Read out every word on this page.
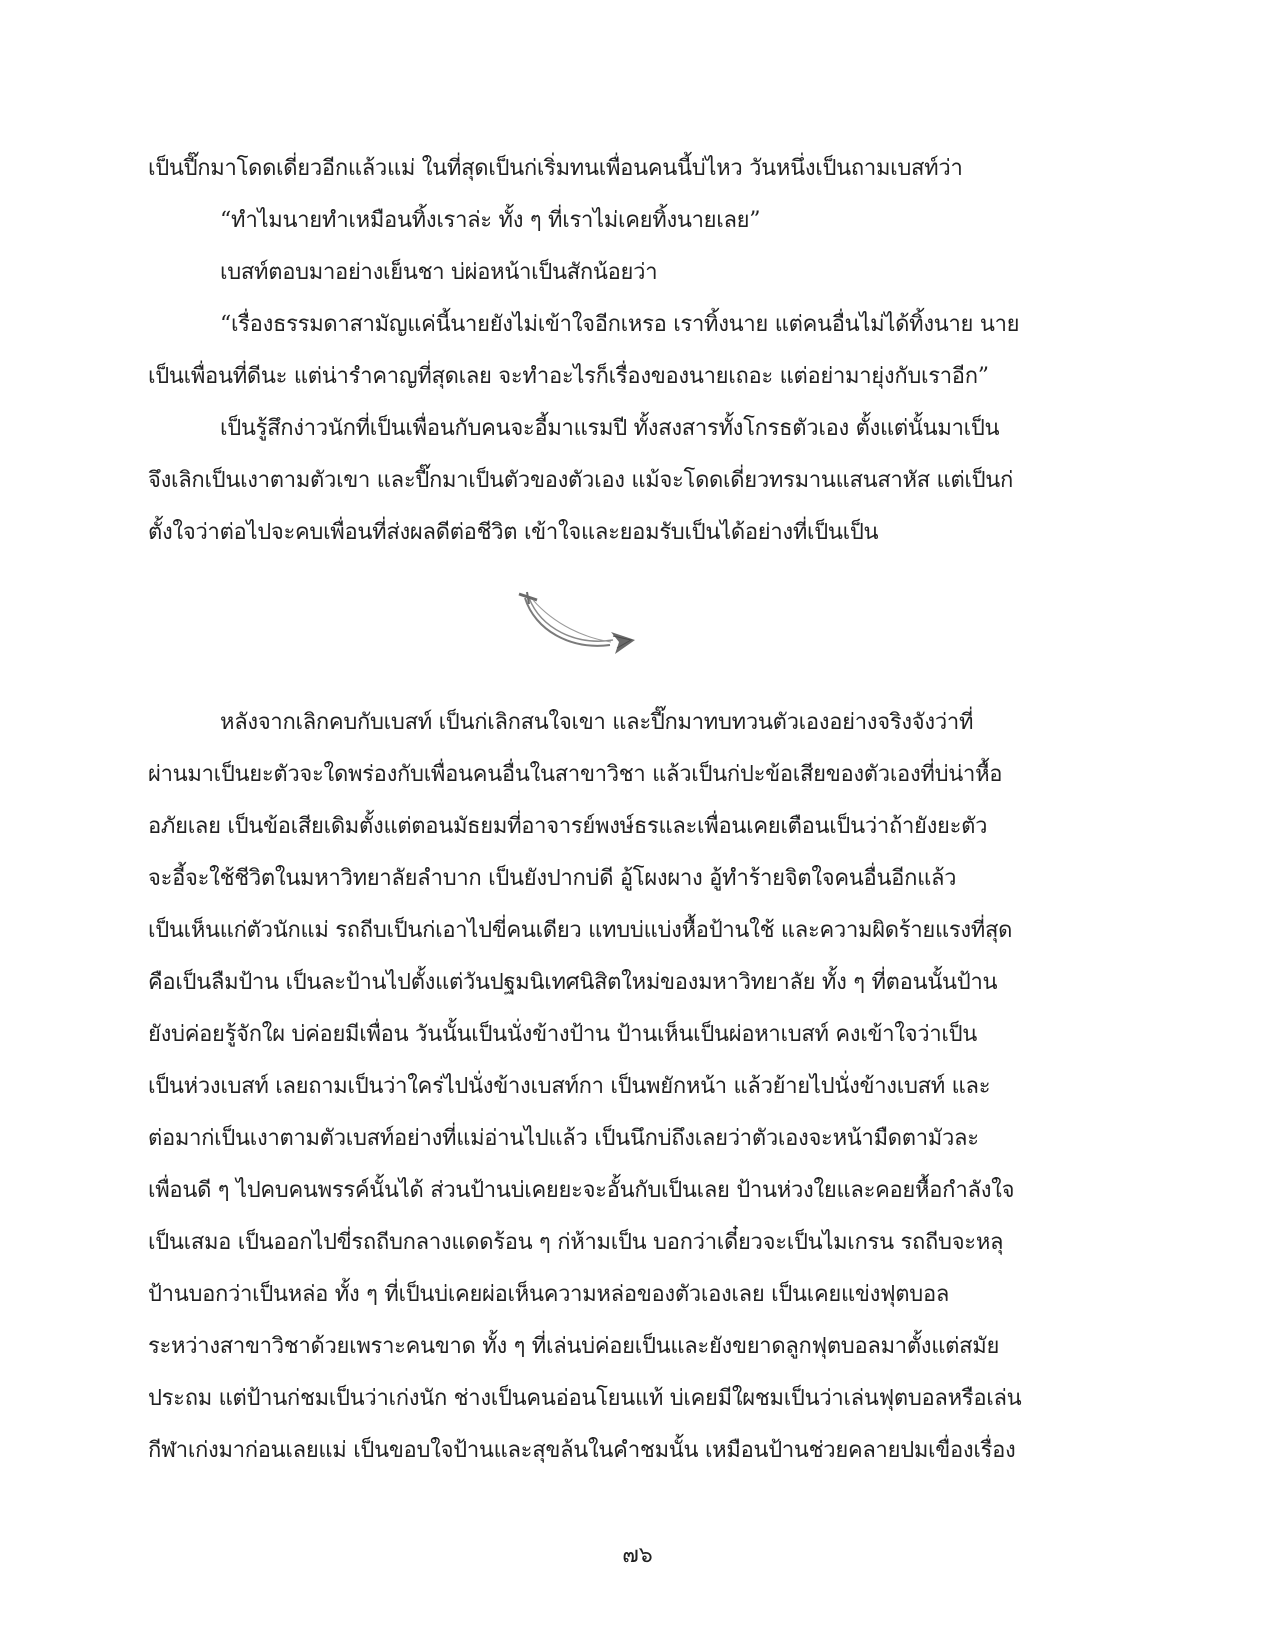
เป็นปี๊กมาโดดเดี่ยวอีกแล้วแม่ ในที่สุดเป็นก่เริ่มทนเพื่อนคนนี้บ่ไหว วันหนึ่งเป็นถามเบสท์ว่า
“ทำไมนายทำเหมือนทิ้งเราล่ะ ทั้ง ๆ ที่เราไม่เคยทิ้งนายเลย”
เบสท์ตอบมาอย่างเย็นชา บ่ผ่อหน้าเป็นสักน้อยว่า
“เรื่องธรรมดาสามัญแค่นี้นายยังไม่เข้าใจอีกเหรอ เราทิ้งนาย แต่คนอื่นไม่ได้ทิ้งนาย นาย
เป็นเพื่อนที่ดีนะ แต่น่ารำคาญที่สุดเลย จะทำอะไรก็เรื่องของนายเถอะ แต่อย่ามายุ่งกับเราอีก”
เป็นรู้สึกง่าวนักที่เป็นเพื่อนกับคนจะอี้มาแรมปี ทั้งสงสารทั้งโกรธตัวเอง ตั้งแต่นั้นมาเป็น
จึงเลิกเป็นเงาตามตัวเขา และปี๊กมาเป็นตัวของตัวเอง แม้จะโดดเดี่ยวทรมานแสนสาหัส แต่เป็นก่
ตั้งใจว่าต่อไปจะคบเพื่อนที่ส่งผลดีต่อชีวิต เข้าใจและยอมรับเป็นได้อย่างที่เป็นเป็น
หลังจากเลิกคบกับเบสท์ เป็นก่เลิกสนใจเขา และปี๊กมาทบทวนตัวเองอย่างจริงจังว่าที่
ผ่านมาเป็นยะตัวจะใดพร่องกับเพื่อนคนอื่นในสาขาวิชา แล้วเป็นก่ปะข้อเสียของตัวเองที่บ่น่าหื้อ
อภัยเลย เป็นข้อเสียเดิมตั้งแต่ตอนมัธยมที่อาจารย์พงษ์ธรและเพื่อนเคยเตือนเป็นว่าถ้ายังยะตัว
จะอี้จะใช้ชีวิตในมหาวิทยาลัยลำบาก เป็นยังปากบ่ดี อู้โผงผาง อู้ทำร้ายจิตใจคนอื่นอีกแล้ว
เป็นเห็นแก่ตัวนักแม่ รถถีบเป็นก่เอาไปขี่คนเดียว แทบบ่แบ่งหื้อป้านใช้ และความผิดร้ายแรงที่สุด
คือเป็นลืมป้าน เป็นละป้านไปตั้งแต่วันปฐมนิเทศนิสิตใหม่ของมหาวิทยาลัย ทั้ง ๆ ที่ตอนนั้นป้าน
ยังบ่ค่อยรู้จักใผ บ่ค่อยมีเพื่อน วันนั้นเป็นนั่งข้างป้าน ป้านเห็นเป็นผ่อหาเบสท์ คงเข้าใจว่าเป็น
เป็นห่วงเบสท์ เลยถามเป็นว่าใคร่ไปนั่งข้างเบสท์กา เป็นพยักหน้า แล้วย้ายไปนั่งข้างเบสท์ และ
ต่อมาก่เป็นเงาตามตัวเบสท์อย่างที่แม่อ่านไปแล้ว เป็นนึกบ่ถึงเลยว่าตัวเองจะหน้ามืดตามัวละ
เพื่อนดี ๆ ไปคบคนพรรค์นั้นได้ ส่วนป้านบ่เคยยะจะอั้นกับเป็นเลย ป้านห่วงใยและคอยหื้อกำลังใจ
เป็นเสมอ เป็นออกไปขี่รถถีบกลางแดดร้อน ๆ ก่ห้ามเป็น บอกว่าเดี๋ยวจะเป็นไมเกรน รถถีบจะหลุ
ป้านบอกว่าเป็นหล่อ ทั้ง ๆ ที่เป็นบ่เคยผ่อเห็นความหล่อของตัวเองเลย เป็นเคยแข่งฟุตบอล
ระหว่างสาขาวิชาด้วยเพราะคนขาด ทั้ง ๆ ที่เล่นบ่ค่อยเป็นและยังขยาดลูกฟุตบอลมาตั้งแต่สมัย
ประถม แต่ป้านก่ชมเป็นว่าเก่งนัก ช่างเป็นคนอ่อนโยนแท้ บ่เคยมีใผชมเป็นว่าเล่นฟุตบอลหรือเล่น
กีฬาเก่งมาก่อนเลยแม่ เป็นขอบใจป้านและสุขล้นในคำชมนั้น เหมือนป้านช่วยคลายปมเขื่องเรื่อง
๗๖
